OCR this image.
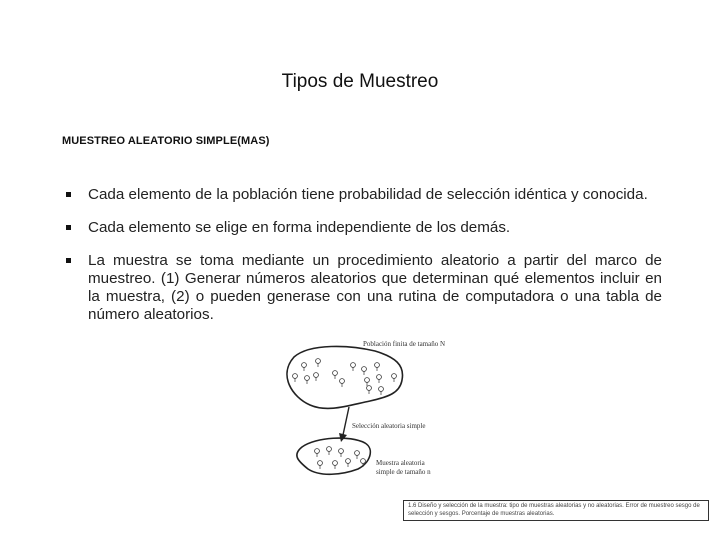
Tipos de Muestreo
MUESTREO ALEATORIO SIMPLE(MAS)
Cada elemento de la población tiene probabilidad de selección idéntica y conocida.
Cada elemento se elige en forma independiente de los demás.
La muestra se toma mediante un procedimiento aleatorio a partir del marco de muestreo. (1) Generar números aleatorios que determinan qué elementos incluir en la muestra, (2) o pueden generase con una rutina de computadora o una tabla de número aleatorios.
Población finita de tamaño N
Selección aleatoria simple
Muestra aleatoria
simple de tamaño n
1.6 Diseño y selección de la muestra: tipo de muestras aleatorias y no aleatorias. Error de muestreo sesgo de selección y sesgos. Porcentaje de muestras aleatorias.
